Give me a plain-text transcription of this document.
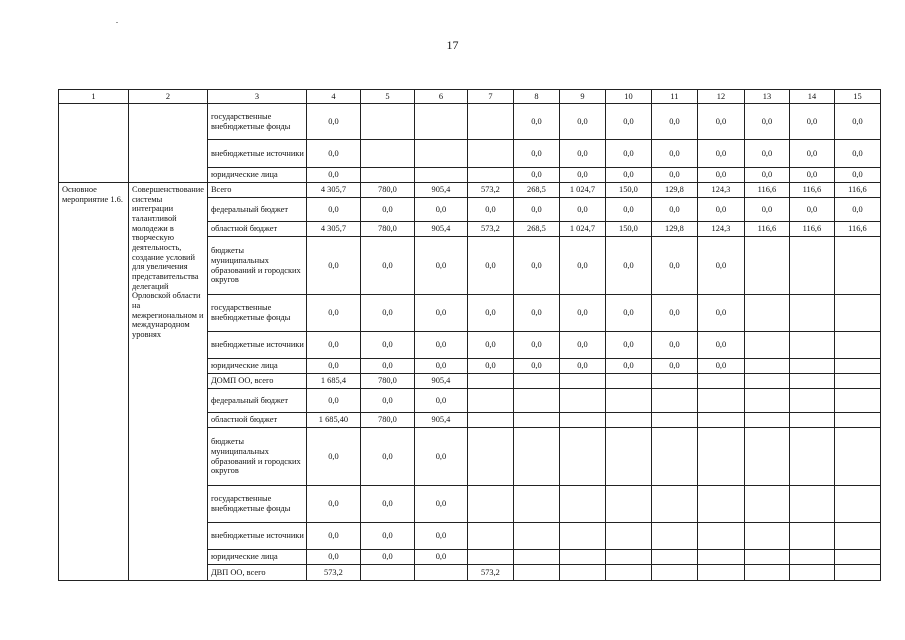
17
1	2	3	4	5	6	7	8	9	10	11	12	13	14	15
		государственные внебюджетные фонды	0,0				0,0	0,0	0,0	0,0	0,0	0,0	0,0	0,0
		внебюджетные источники	0,0				0,0	0,0	0,0	0,0	0,0	0,0	0,0	0,0
		юридические лица	0,0				0,0	0,0	0,0	0,0	0,0	0,0	0,0	0,0
Основное мероприятие 1.6.	Совершенствование системы интеграции талантливой молодежи в творческую деятельность, создание условий для увеличения представительства делегаций Орловской области на межрегиональном и международном уровнях	Всего	4 305,7	780,0	905,4	573,2	268,5	1 024,7	150,0	129,8	124,3	116,6	116,6	116,6
		федеральный бюджет	0,0	0,0	0,0	0,0	0,0	0,0	0,0	0,0	0,0	0,0	0,0	0,0
		областной бюджет	4 305,7	780,0	905,4	573,2	268,5	1 024,7	150,0	129,8	124,3	116,6	116,6	116,6
		бюджеты муниципальных образований и городских округов	0,0	0,0	0,0	0,0	0,0	0,0	0,0	0,0	0,0			
		государственные внебюджетные фонды	0,0	0,0	0,0	0,0	0,0	0,0	0,0	0,0	0,0			
		внебюджетные источники	0,0	0,0	0,0	0,0	0,0	0,0	0,0	0,0	0,0			
		юридические лица	0,0	0,0	0,0	0,0	0,0	0,0	0,0	0,0	0,0			
		ДОМП ОО, всего	1 685,4	780,0	905,4									
		федеральный бюджет	0,0	0,0	0,0									
		областной бюджет	1 685,40	780,0	905,4									
		бюджеты муниципальных образований и городских округов	0,0	0,0	0,0									
		государственные внебюджетные фонды	0,0	0,0	0,0									
		внебюджетные источники	0,0	0,0	0,0									
		юридические лица	0,0	0,0	0,0									
		ДВП ОО, всего	573,2			573,2								
